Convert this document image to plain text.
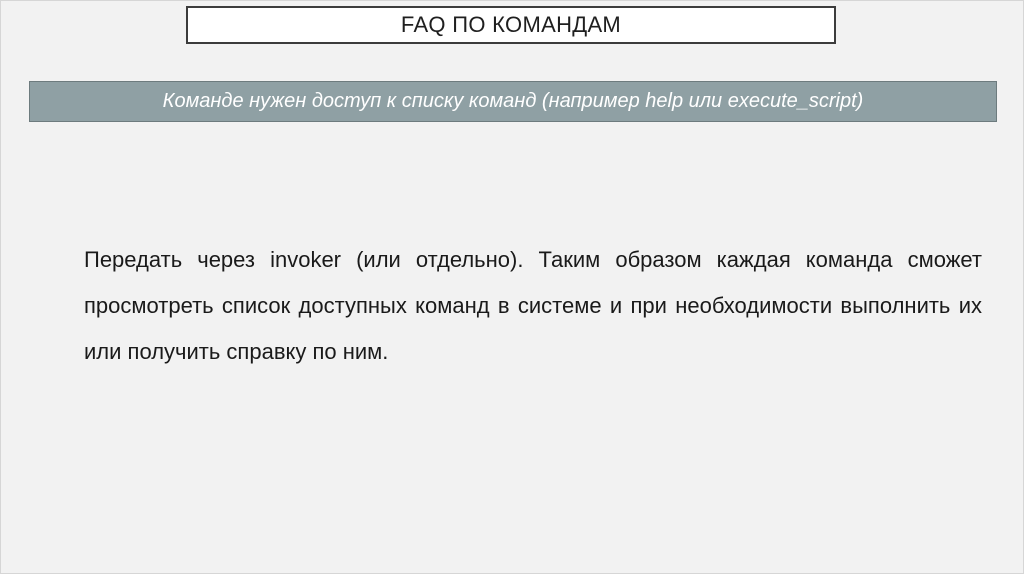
FAQ ПО КОМАНДАМ
Команде нужен доступ к списку команд (например help или execute_script)

Передать через invoker (или отдельно). Таким образом каждая команда сможет просмотреть список доступных команд в системе и при необходимости выполнить их или получить справку по ним.
